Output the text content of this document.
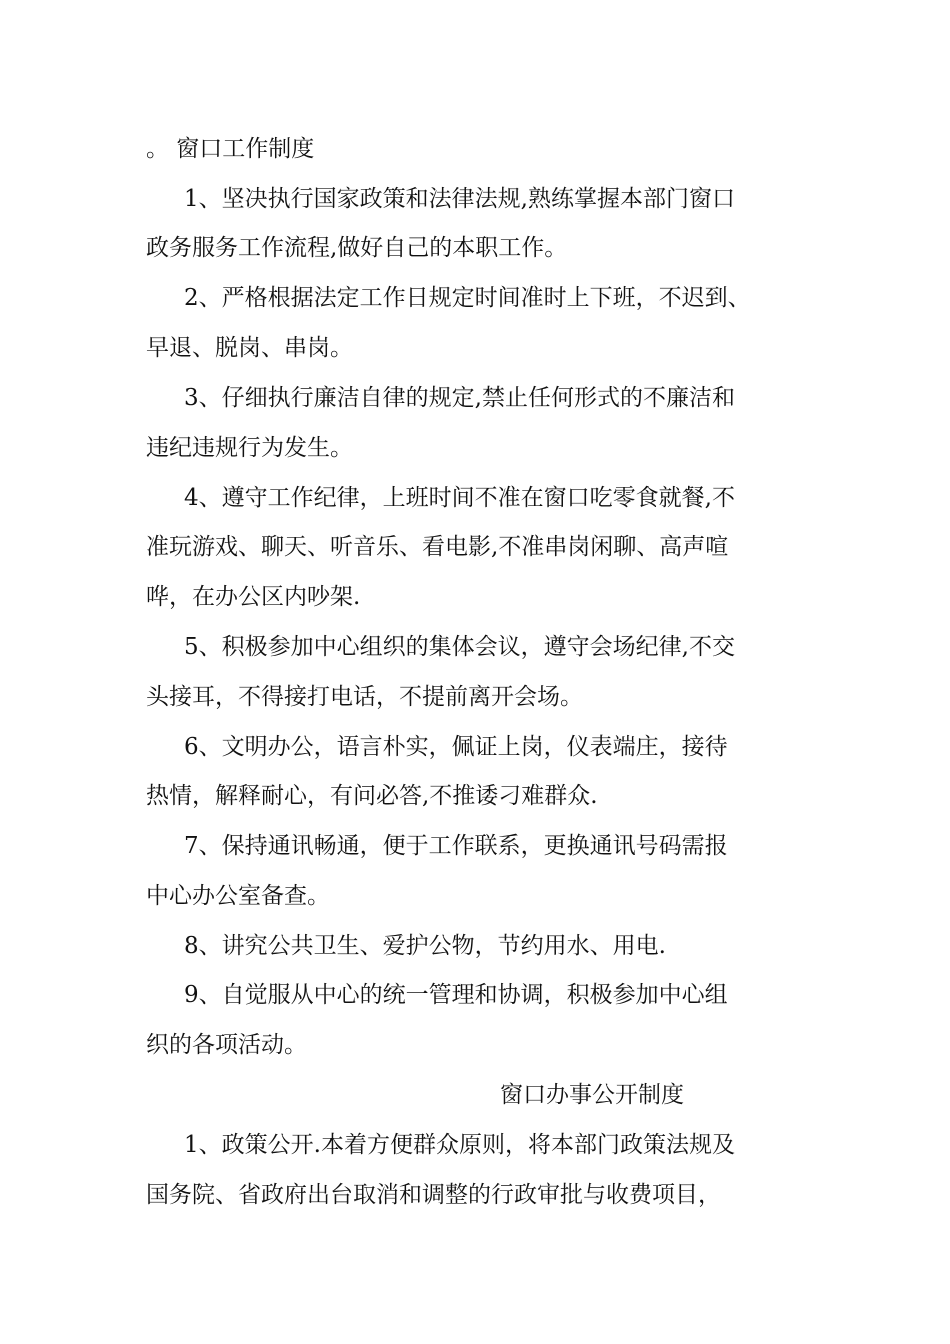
。 窗口工作制度
1、坚决执行国家政策和法律法规,熟练掌握本部门窗口
政务服务工作流程,做好自己的本职工作。
2、严格根据法定工作日规定时间准时上下班，不迟到、
早退、脱岗、串岗。
3、仔细执行廉洁自律的规定,禁止任何形式的不廉洁和
违纪违规行为发生。
4、遵守工作纪律，上班时间不准在窗口吃零食就餐,不
准玩游戏、聊天、听音乐、看电影,不准串岗闲聊、高声喧
哗，在办公区内吵架.
5、积极参加中心组织的集体会议，遵守会场纪律,不交
头接耳，不得接打电话，不提前离开会场。
6、文明办公，语言朴实，佩证上岗，仪表端庄，接待
热情，解释耐心，有问必答,不推诿刁难群众.
7、保持通讯畅通，便于工作联系，更换通讯号码需报
中心办公室备查。
8、讲究公共卫生、爱护公物，节约用水、用电.
9、自觉服从中心的统一管理和协调，积极参加中心组
织的各项活动。
窗口办事公开制度
1、政策公开.本着方便群众原则，将本部门政策法规及
国务院、省政府出台取消和调整的行政审批与收费项目，
